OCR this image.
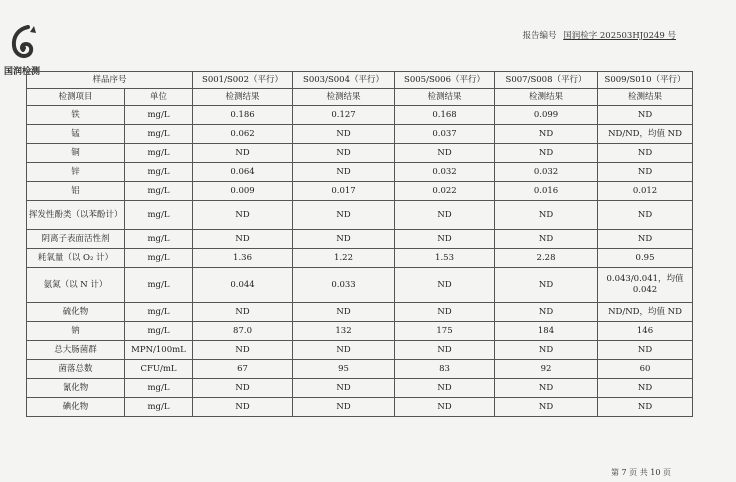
国润检测
报告编号 国润检字 202503HJ0249 号
样品序号		S001/S002（平行）	S003/S004（平行）	S005/S006（平行）	S007/S008（平行）	S009/S010（平行）
检测项目	单位	检测结果	检测结果	检测结果	检测结果	检测结果
铁	mg/L	0.186	0.127	0.168	0.099	ND
锰	mg/L	0.062	ND	0.037	ND	ND/ND，均值 ND
铜	mg/L	ND	ND	ND	ND	ND
锌	mg/L	0.064	ND	0.032	0.032	ND
铝	mg/L	0.009	0.017	0.022	0.016	0.012
挥发性酚类（以苯酚计）	mg/L	ND	ND	ND	ND	ND
阴离子表面活性剂	mg/L	ND	ND	ND	ND	ND
耗氧量（以 O₂ 计）	mg/L	1.36	1.22	1.53	2.28	0.95
氨氮（以 N 计）	mg/L	0.044	0.033	ND	ND	0.043/0.041，均值 0.042
硫化物	mg/L	ND	ND	ND	ND	ND/ND，均值 ND
钠	mg/L	87.0	132	175	184	146
总大肠菌群	MPN/100mL	ND	ND	ND	ND	ND
菌落总数	CFU/mL	67	95	83	92	60
氰化物	mg/L	ND	ND	ND	ND	ND
碘化物	mg/L	ND	ND	ND	ND	ND
第 7 页 共 10 页
